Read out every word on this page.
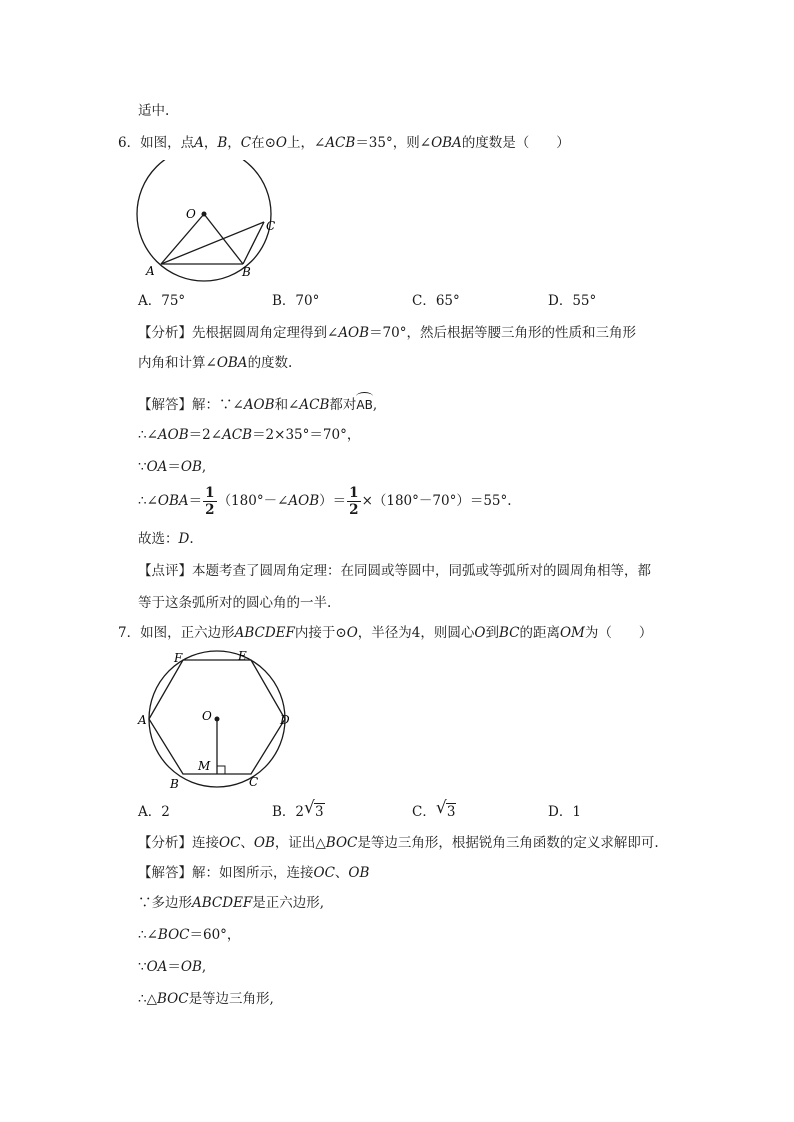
适中.
6．如图，点A，B，C在⊙O上，∠ACB＝35°，则∠OBA的度数是（　　）
O
C
A	B
A．75°	B．70°	C．65°	D．55°
【分析】先根据圆周角定理得到∠AOB＝70°，然后根据等腰三角形的性质和三角形
内角和计算∠OBA的度数.
【解答】解：∵∠AOB和∠ACB都对AB,
∴∠AOB＝2∠ACB＝2×35°＝70°，
∵OA＝OB,
∴∠OBA＝ $\frac{1}{2}$ （180°－∠AOB）＝ $\frac{1}{2} \times(180^\circ-70^\circ)=55^\circ$.
故选：D.
【点评】本题考查了圆周角定理：在同圆或等圆中，同弧或等弧所对的圆周角相等，都
等于这条弧所对的圆心角的一半.
7．如图，正六边形ABCDEF内接于⊙O，半径为4，则圆心O到BC的距离OM为（　　）
F	E
A	O	D
M
B	C
A．2	B．2 √ 3	C． √ 3	D．1
【分析】连接OC、OB，证出△BOC是等边三角形，根据锐角三角函数的定义求解即可.
【解答】解：如图所示，连接OC、OB
∵多边形ABCDEF是正六边形,
∴∠BOC＝60°，
∵OA＝OB,
∴△BOC是等边三角形,
